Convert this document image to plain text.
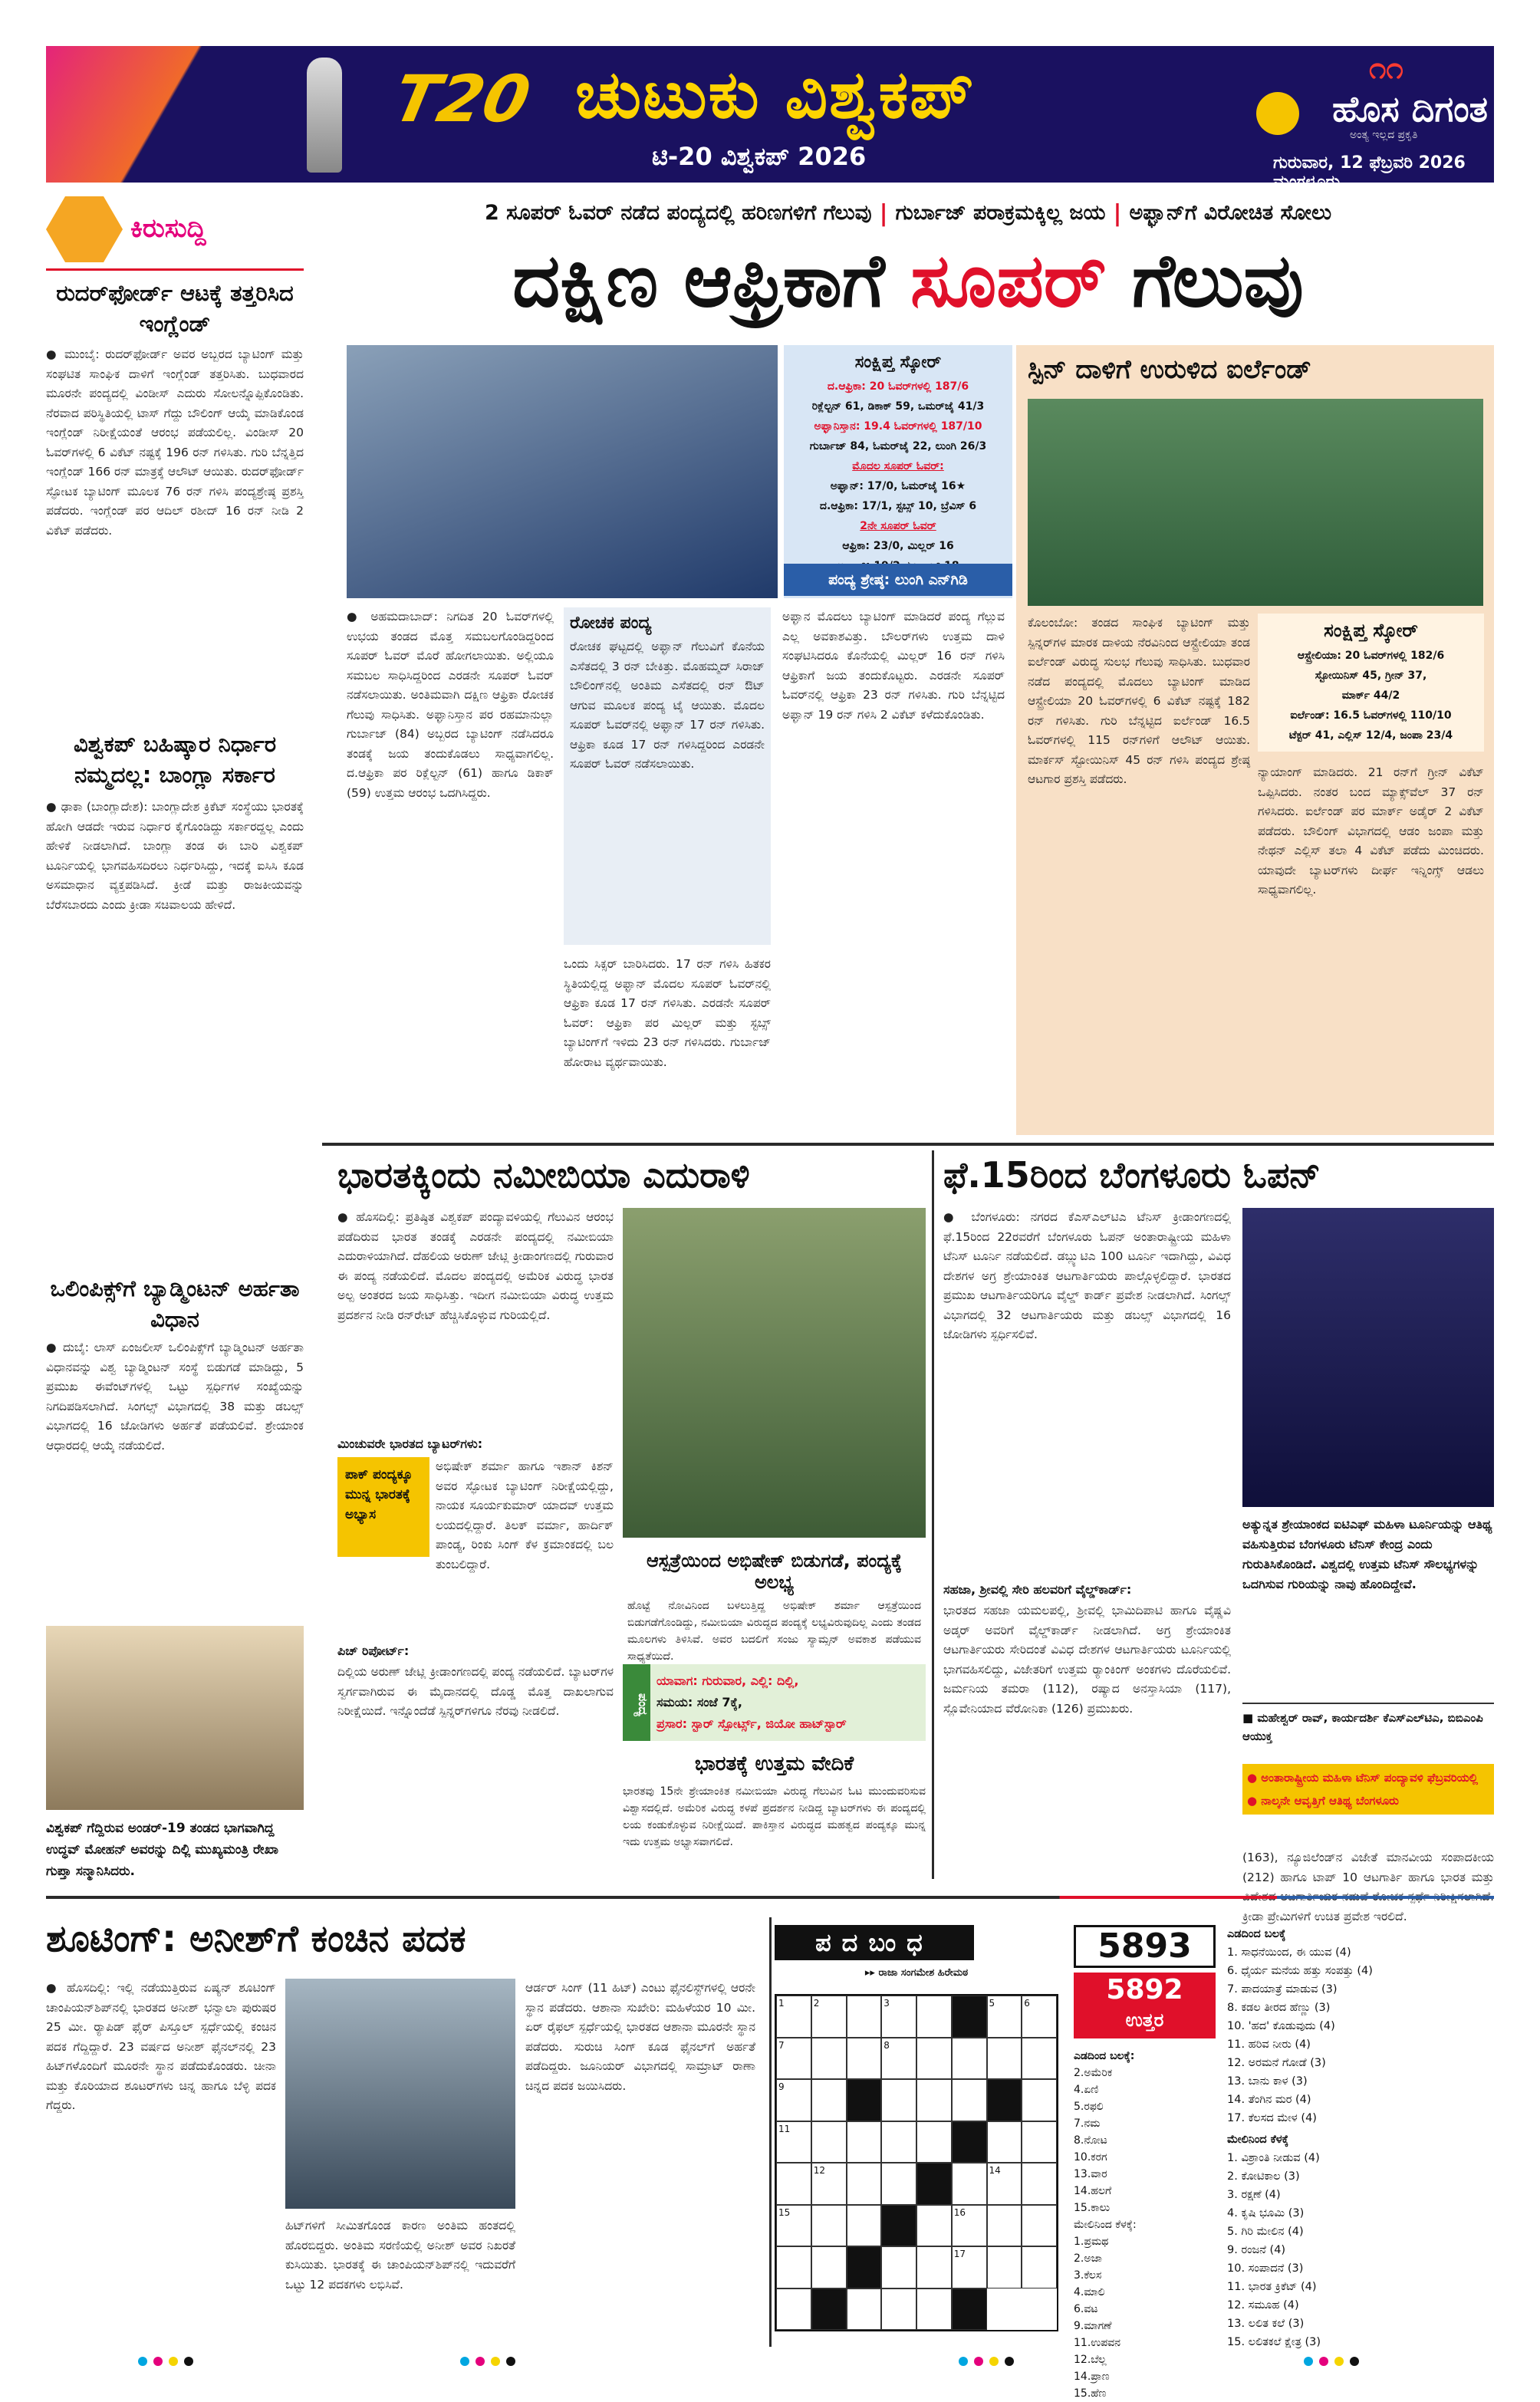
T20 ಚುಟುಕು ವಿಶ್ವಕಪ್
ಟಿ-20 ವಿಶ್ವಕಪ್ 2026
೧೧
ಹೊಸ ದಿಗಂತ
ಅಂತ್ಯ ಇಲ್ಲದ ಪ್ರಕೃತಿ
ಗುರುವಾರ, 12 ಫೆಬ್ರವರಿ 2026 ಮಂಗಳೂರು
ಕಿರುಸುದ್ದಿ
ರುದರ್‌ಫೋರ್ಡ್ ಆಟಕ್ಕೆ ತತ್ತರಿಸಿದ ಇಂಗ್ಲೆಂಡ್
● ಮುಂಬೈ: ರುದರ್‌ಫೋರ್ಡ್ ಅವರ ಅಬ್ಬರದ ಬ್ಯಾಟಿಂಗ್ ಮತ್ತು ಸಂಘಟಿತ ಸಾಂಘಿಕ ದಾಳಿಗೆ ಇಂಗ್ಲೆಂಡ್ ತತ್ತರಿಸಿತು. ಬುಧವಾರದ ಮೂರನೇ ಪಂದ್ಯದಲ್ಲಿ ವಿಂಡೀಸ್ ಎದುರು ಸೋಲನ್ನೊಪ್ಪಿಕೊಂಡಿತು. ನೆರವಾದ ಪರಿಸ್ಥಿತಿಯಲ್ಲಿ ಟಾಸ್ ಗೆದ್ದು ಬೌಲಿಂಗ್ ಆಯ್ಕೆ ಮಾಡಿಕೊಂಡ ಇಂಗ್ಲೆಂಡ್ ನಿರೀಕ್ಷೆಯಂತೆ ಆರಂಭ ಪಡೆಯಲಿಲ್ಲ. ವಿಂಡೀಸ್ 20 ಓವರ್‌ಗಳಲ್ಲಿ 6 ವಿಕೆಟ್ ನಷ್ಟಕ್ಕೆ 196 ರನ್ ಗಳಿಸಿತು. ಗುರಿ ಬೆನ್ನತ್ತಿದ ಇಂಗ್ಲೆಂಡ್ 166 ರನ್ ಮಾತ್ರಕ್ಕೆ ಆಲೌಟ್ ಆಯಿತು. ರುದರ್‌ಫೋರ್ಡ್ ಸ್ಫೋಟಕ ಬ್ಯಾಟಿಂಗ್ ಮೂಲಕ 76 ರನ್ ಗಳಿಸಿ ಪಂದ್ಯಶ್ರೇಷ್ಠ ಪ್ರಶಸ್ತಿ ಪಡೆದರು. ಇಂಗ್ಲೆಂಡ್ ಪರ ಆದಿಲ್ ರಶೀದ್ 16 ರನ್ ನೀಡಿ 2 ವಿಕೆಟ್ ಪಡೆದರು.
ವಿಶ್ವಕಪ್ ಬಹಿಷ್ಕಾರ ನಿರ್ಧಾರ ನಮ್ಮದಲ್ಲ: ಬಾಂಗ್ಲಾ ಸರ್ಕಾರ
● ಢಾಕಾ (ಬಾಂಗ್ಲಾದೇಶ): ಬಾಂಗ್ಲಾದೇಶ ಕ್ರಿಕೆಟ್ ಸಂಸ್ಥೆಯು ಭಾರತಕ್ಕೆ ಹೋಗಿ ಆಡದೇ ಇರುವ ನಿರ್ಧಾರ ಕೈಗೊಂಡಿದ್ದು ಸರ್ಕಾರದ್ದಲ್ಲ ಎಂದು ಹೇಳಿಕೆ ನೀಡಲಾಗಿದೆ. ಬಾಂಗ್ಲಾ ತಂಡ ಈ ಬಾರಿ ವಿಶ್ವಕಪ್ ಟೂರ್ನಿಯಲ್ಲಿ ಭಾಗವಹಿಸದಿರಲು ನಿರ್ಧರಿಸಿದ್ದು, ಇದಕ್ಕೆ ಐಸಿಸಿ ಕೂಡ ಅಸಮಾಧಾನ ವ್ಯಕ್ತಪಡಿಸಿದೆ. ಕ್ರೀಡೆ ಮತ್ತು ರಾಜಕೀಯವನ್ನು ಬೆರೆಸಬಾರದು ಎಂದು ಕ್ರೀಡಾ ಸಚಿವಾಲಯ ಹೇಳಿದೆ.
ಒಲಿಂಪಿಕ್ಸ್‌ಗೆ ಬ್ಯಾಡ್ಮಿಂಟನ್ ಅರ್ಹತಾ ವಿಧಾನ
● ದುಬೈ: ಲಾಸ್ ಏಂಜಲೀಸ್ ಒಲಿಂಪಿಕ್ಸ್‌ಗೆ ಬ್ಯಾಡ್ಮಿಂಟನ್ ಅರ್ಹತಾ ವಿಧಾನವನ್ನು ವಿಶ್ವ ಬ್ಯಾಡ್ಮಿಂಟನ್ ಸಂಸ್ಥೆ ಬಿಡುಗಡೆ ಮಾಡಿದ್ದು, 5 ಪ್ರಮುಖ ಈವೆಂಟ್‌ಗಳಲ್ಲಿ ಒಟ್ಟು ಸ್ಪರ್ಧಿಗಳ ಸಂಖ್ಯೆಯನ್ನು ನಿಗದಿಪಡಿಸಲಾಗಿದೆ. ಸಿಂಗಲ್ಸ್ ವಿಭಾಗದಲ್ಲಿ 38 ಮತ್ತು ಡಬಲ್ಸ್ ವಿಭಾಗದಲ್ಲಿ 16 ಜೋಡಿಗಳು ಅರ್ಹತೆ ಪಡೆಯಲಿವೆ. ಶ್ರೇಯಾಂಕ ಆಧಾರದಲ್ಲಿ ಆಯ್ಕೆ ನಡೆಯಲಿದೆ.
ವಿಶ್ವಕಪ್ ಗೆದ್ದಿರುವ ಅಂಡರ್-19 ತಂಡದ ಭಾಗವಾಗಿದ್ದ ಉದ್ಧವ್ ಮೋಹನ್ ಅವರನ್ನು ದಿಲ್ಲಿ ಮುಖ್ಯಮಂತ್ರಿ ರೇಖಾ ಗುಪ್ತಾ ಸನ್ಮಾನಿಸಿದರು.
2 ಸೂಪರ್ ಓವರ್ ನಡೆದ ಪಂದ್ಯದಲ್ಲಿ ಹರಿಣಗಳಿಗೆ ಗೆಲುವು | ಗುರ್ಬಾಜ್ ಪರಾಕ್ರಮಕ್ಕಿಲ್ಲ ಜಯ | ಅಫ್ಘಾನ್‌ಗೆ ವಿರೋಚಿತ ಸೋಲು
ದಕ್ಷಿಣ ಆಫ್ರಿಕಾಗೆ ಸೂಪರ್ ಗೆಲುವು
ಸಂಕ್ಷಿಪ್ತ ಸ್ಕೋರ್
ದ.ಆಫ್ರಿಕಾ: 20 ಓವರ್‌ಗಳಲ್ಲಿ 187/6
ರಿಕ್ಲೆಲ್ಟನ್ 61, ಡಿಕಾಕ್ 59, ಒಮರ್‌ಜೈ 41/3
ಅಫ್ಘಾನಿಸ್ತಾನ: 19.4 ಓವರ್‌ಗಳಲ್ಲಿ 187/10
ಗುರ್ಬಾಜ್ 84, ಓಮರ್‌ಜೈ 22, ಲುಂಗಿ 26/3
ಮೊದಲ ಸೂಪರ್ ಓವರ್:
ಅಫ್ಘಾನ್: 17/0, ಓಮರ್‌ಜೈ 16★
ದ.ಆಫ್ರಿಕಾ: 17/1, ಸ್ಟಬ್ಸ್ 10, ಬ್ರೆವಿಸ್ 6
2ನೇ ಸೂಪರ್ ಓವರ್
ಆಫ್ರಿಕಾ: 23/0, ಮಿಲ್ಲರ್ 16
ಪಂದ್ಯ ಶ್ರೇಷ್ಠ: ಲುಂಗಿ ಎನ್‌ಗಿಡಿ
● ಅಹಮದಾಬಾದ್: ನಿಗದಿತ 20 ಓವರ್‌ಗಳಲ್ಲಿ ಉಭಯ ತಂಡದ ಮೊತ್ತ ಸಮಬಲಗೊಂಡಿದ್ದರಿಂದ ಸೂಪರ್ ಓವರ್ ಮೊರೆ ಹೋಗಲಾಯಿತು. ಅಲ್ಲಿಯೂ ಸಮಬಲ ಸಾಧಿಸಿದ್ದರಿಂದ ಎರಡನೇ ಸೂಪರ್ ಓವರ್ ನಡೆಸಲಾಯಿತು. ಅಂತಿಮವಾಗಿ ದಕ್ಷಿಣ ಆಫ್ರಿಕಾ ರೋಚಕ ಗೆಲುವು ಸಾಧಿಸಿತು. ಅಫ್ಘಾನಿಸ್ತಾನ ಪರ ರಹಮಾನುಲ್ಲಾ ಗುರ್ಬಾಜ್ (84) ಅಬ್ಬರದ ಬ್ಯಾಟಿಂಗ್ ನಡೆಸಿದರೂ ತಂಡಕ್ಕೆ ಜಯ ತಂದುಕೊಡಲು ಸಾಧ್ಯವಾಗಲಿಲ್ಲ. ದ.ಆಫ್ರಿಕಾ ಪರ ರಿಕ್ಲೆಲ್ಟನ್ (61) ಹಾಗೂ ಡಿಕಾಕ್ (59) ಉತ್ತಮ ಆರಂಭ ಒದಗಿಸಿದ್ದರು.
ರೋಚಕ ಪಂದ್ಯ
ರೋಚಕ ಘಟ್ಟದಲ್ಲಿ ಅಫ್ಘಾನ್ ಗೆಲುವಿಗೆ ಕೊನೆಯ ಎಸೆತದಲ್ಲಿ 3 ರನ್ ಬೇಕಿತ್ತು. ಮೊಹಮ್ಮದ್ ಸಿರಾಜ್ ಬೌಲಿಂಗ್‌ನಲ್ಲಿ ಅಂತಿಮ ಎಸೆತದಲ್ಲಿ ರನ್ ಔಟ್ ಆಗುವ ಮೂಲಕ ಪಂದ್ಯ ಟೈ ಆಯಿತು. ಮೊದಲ ಸೂಪರ್ ಓವರ್‌ನಲ್ಲಿ ಅಫ್ಘಾನ್ 17 ರನ್ ಗಳಿಸಿತು. ಆಫ್ರಿಕಾ ಕೂಡ 17 ರನ್ ಗಳಿಸಿದ್ದರಿಂದ ಎರಡನೇ ಸೂಪರ್ ಓವರ್ ನಡೆಸಲಾಯಿತು.
ಒಂದು ಸಿಕ್ಸರ್ ಬಾರಿಸಿದರು. 17 ರನ್ ಗಳಿಸಿ ಹಿತಕರ ಸ್ಥಿತಿಯಲ್ಲಿದ್ದ ಅಫ್ಘಾನ್ ಮೊದಲ ಸೂಪರ್ ಓವರ್‌ನಲ್ಲಿ ಆಫ್ರಿಕಾ ಕೂಡ 17 ರನ್ ಗಳಿಸಿತು. ಎರಡನೇ ಸೂಪರ್ ಓವರ್: ಆಫ್ರಿಕಾ ಪರ ಮಿಲ್ಲರ್ ಮತ್ತು ಸ್ಟಬ್ಸ್ ಬ್ಯಾಟಿಂಗ್‌ಗೆ ಇಳಿದು 23 ರನ್ ಗಳಿಸಿದರು. ಗುರ್ಬಾಜ್ ಹೋರಾಟ ವ್ಯರ್ಥವಾಯಿತು.
ಅಫ್ಘಾನ ಮೊದಲು ಬ್ಯಾಟಿಂಗ್ ಮಾಡಿದರೆ ಪಂದ್ಯ ಗೆಲ್ಲುವ ಎಲ್ಲ ಅವಕಾಶವಿತ್ತು. ಬೌಲರ್‌ಗಳು ಉತ್ತಮ ದಾಳಿ ಸಂಘಟಿಸಿದರೂ ಕೊನೆಯಲ್ಲಿ ಮಿಲ್ಲರ್ 16 ರನ್ ಗಳಿಸಿ ಆಫ್ರಿಕಾಗೆ ಜಯ ತಂದುಕೊಟ್ಟರು. ಎರಡನೇ ಸೂಪರ್ ಓವರ್‌ನಲ್ಲಿ ಆಫ್ರಿಕಾ 23 ರನ್ ಗಳಿಸಿತು. ಗುರಿ ಬೆನ್ನಟ್ಟಿದ ಅಫ್ಘಾನ್ 19 ರನ್ ಗಳಿಸಿ 2 ವಿಕೆಟ್ ಕಳೆದುಕೊಂಡಿತು.
ಸ್ಪಿನ್ ದಾಳಿಗೆ ಉರುಳಿದ ಐರ್ಲೆಂಡ್
ಕೊಲಂಬೋ: ತಂಡದ ಸಾಂಘಿಕ ಬ್ಯಾಟಿಂಗ್ ಮತ್ತು ಸ್ಪಿನ್ನರ್‌ಗಳ ಮಾರಕ ದಾಳಿಯ ನೆರವಿನಿಂದ ಆಸ್ಟ್ರೇಲಿಯಾ ತಂಡ ಐರ್ಲೆಂಡ್ ವಿರುದ್ಧ ಸುಲಭ ಗೆಲುವು ಸಾಧಿಸಿತು. ಬುಧವಾರ ನಡೆದ ಪಂದ್ಯದಲ್ಲಿ ಮೊದಲು ಬ್ಯಾಟಿಂಗ್ ಮಾಡಿದ ಆಸ್ಟ್ರೇಲಿಯಾ 20 ಓವರ್‌ಗಳಲ್ಲಿ 6 ವಿಕೆಟ್ ನಷ್ಟಕ್ಕೆ 182 ರನ್ ಗಳಿಸಿತು. ಗುರಿ ಬೆನ್ನಟ್ಟಿದ ಐರ್ಲೆಂಡ್ 16.5 ಓವರ್‌ಗಳಲ್ಲಿ 115 ರನ್‌ಗಳಿಗೆ ಆಲೌಟ್ ಆಯಿತು. ಮಾರ್ಕಸ್ ಸ್ಟೋಯಿನಿಸ್ 45 ರನ್ ಗಳಿಸಿ ಪಂದ್ಯದ ಶ್ರೇಷ್ಠ ಆಟಗಾರ ಪ್ರಶಸ್ತಿ ಪಡೆದರು.
ಸಂಕ್ಷಿಪ್ತ ಸ್ಕೋರ್
ಆಸ್ಟ್ರೇಲಿಯಾ: 20 ಓವರ್‌ಗಳಲ್ಲಿ 182/6
ಸ್ಟೋಯಿನಿಸ್ 45, ಗ್ರೀನ್ 37,
ಮಾರ್ಕ್ 44/2
ಐರ್ಲೆಂಡ್: 16.5 ಓವರ್‌ಗಳಲ್ಲಿ 110/10
ಟೆಕ್ಟರ್ 41, ಎಲ್ಲಿಸ್ 12/4, ಜಂಪಾ 23/4
ನ್ಯಾಯಾಂಗ್ ಮಾಡಿದರು. 21 ರನ್‌ಗೆ ಗ್ರೀನ್ ವಿಕೆಟ್ ಒಪ್ಪಿಸಿದರು. ನಂತರ ಬಂದ ಮ್ಯಾಕ್ಸ್‌ವೆಲ್ 37 ರನ್ ಗಳಿಸಿದರು. ಐರ್ಲೆಂಡ್ ಪರ ಮಾರ್ಕ್ ಅಡೈರ್ 2 ವಿಕೆಟ್ ಪಡೆದರು. ಬೌಲಿಂಗ್ ವಿಭಾಗದಲ್ಲಿ ಆಡಂ ಜಂಪಾ ಮತ್ತು ನೇಥನ್ ಎಲ್ಲಿಸ್ ತಲಾ 4 ವಿಕೆಟ್ ಪಡೆದು ಮಿಂಚಿದರು. ಯಾವುದೇ ಬ್ಯಾಟರ್‌ಗಳು ದೀರ್ಘ ಇನ್ನಿಂಗ್ಸ್ ಆಡಲು ಸಾಧ್ಯವಾಗಲಿಲ್ಲ.
ಭಾರತಕ್ಕಿಂದು ನಮೀಬಿಯಾ ಎದುರಾಳಿ
● ಹೊಸದಿಲ್ಲಿ: ಪ್ರತಿಷ್ಠಿತ ವಿಶ್ವಕಪ್ ಪಂದ್ಯಾವಳಿಯಲ್ಲಿ ಗೆಲುವಿನ ಆರಂಭ ಪಡೆದಿರುವ ಭಾರತ ತಂಡಕ್ಕೆ ಎರಡನೇ ಪಂದ್ಯದಲ್ಲಿ ನಮೀಬಿಯಾ ಎದುರಾಳಿಯಾಗಿದೆ. ದೆಹಲಿಯ ಅರುಣ್ ಜೇಟ್ಲಿ ಕ್ರೀಡಾಂಗಣದಲ್ಲಿ ಗುರುವಾರ ಈ ಪಂದ್ಯ ನಡೆಯಲಿದೆ. ಮೊದಲ ಪಂದ್ಯದಲ್ಲಿ ಅಮೆರಿಕ ವಿರುದ್ಧ ಭಾರತ ಅಲ್ಪ ಅಂತರದ ಜಯ ಸಾಧಿಸಿತ್ತು. ಇದೀಗ ನಮೀಬಿಯಾ ವಿರುದ್ಧ ಉತ್ತಮ ಪ್ರದರ್ಶನ ನೀಡಿ ರನ್‌ರೇಟ್ ಹೆಚ್ಚಿಸಿಕೊಳ್ಳುವ ಗುರಿಯಲ್ಲಿದೆ.
ಮಿಂಚುವರೇ ಭಾರತದ ಬ್ಯಾಟರ್‌ಗಳು:
ಪಾಕ್ ಪಂದ್ಯಕ್ಕೂ ಮುನ್ನ ಭಾರತಕ್ಕೆ ಅಭ್ಯಾಸ
ಅಭಿಷೇಕ್ ಶರ್ಮಾ ಹಾಗೂ ಇಶಾನ್ ಕಿಶನ್ ಅವರ ಸ್ಫೋಟಕ ಬ್ಯಾಟಿಂಗ್ ನಿರೀಕ್ಷೆಯಲ್ಲಿದ್ದು, ನಾಯಕ ಸೂರ್ಯಕುಮಾರ್ ಯಾದವ್ ಉತ್ತಮ ಲಯದಲ್ಲಿದ್ದಾರೆ. ತಿಲಕ್ ವರ್ಮಾ, ಹಾರ್ದಿಕ್ ಪಾಂಡ್ಯ, ರಿಂಕು ಸಿಂಗ್ ಕೆಳ ಕ್ರಮಾಂಕದಲ್ಲಿ ಬಲ ತುಂಬಲಿದ್ದಾರೆ.
ಪಿಚ್ ರಿಪೋರ್ಟ್:
ದಿಲ್ಲಿಯ ಅರುಣ್ ಜೇಟ್ಲಿ ಕ್ರೀಡಾಂಗಣದಲ್ಲಿ ಪಂದ್ಯ ನಡೆಯಲಿದೆ. ಬ್ಯಾಟರ್‌ಗಳ ಸ್ವರ್ಗವಾಗಿರುವ ಈ ಮೈದಾನದಲ್ಲಿ ದೊಡ್ಡ ಮೊತ್ತ ದಾಖಲಾಗುವ ನಿರೀಕ್ಷೆಯಿದೆ. ಇನ್ನೊಂದೆಡೆ ಸ್ಪಿನ್ನರ್‌ಗಳಿಗೂ ನೆರವು ನೀಡಲಿದೆ.
ಆಸ್ಪತ್ರೆಯಿಂದ ಅಭಿಷೇಕ್ ಬಿಡುಗಡೆ, ಪಂದ್ಯಕ್ಕೆ ಅಲಭ್ಯ
ಹೊಟ್ಟೆ ನೋವಿನಿಂದ ಬಳಲುತ್ತಿದ್ದ ಅಭಿಷೇಕ್ ಶರ್ಮಾ ಆಸ್ಪತ್ರೆಯಿಂದ ಬಿಡುಗಡೆಗೊಂಡಿದ್ದು, ನಮೀಬಿಯಾ ವಿರುದ್ಧದ ಪಂದ್ಯಕ್ಕೆ ಲಭ್ಯವಿರುವುದಿಲ್ಲ ಎಂದು ತಂಡದ ಮೂಲಗಳು ತಿಳಿಸಿವೆ. ಅವರ ಬದಲಿಗೆ ಸಂಜು ಸ್ಯಾಮ್ಸನ್ ಅವಕಾಶ ಪಡೆಯುವ ಸಾಧ್ಯತೆಯಿದೆ.
ಪಂದ್ಯ
ಯಾವಾಗ: ಗುರುವಾರ, ಎಲ್ಲಿ: ದಿಲ್ಲಿ,
ಸಮಯ: ಸಂಜೆ 7ಕ್ಕೆ,
ಪ್ರಸಾರ: ಸ್ಟಾರ್ ಸ್ಪೋರ್ಟ್ಸ್, ಜಿಯೋ ಹಾಟ್‌ಸ್ಟಾರ್
ಭಾರತಕ್ಕೆ ಉತ್ತಮ ವೇದಿಕೆ
ಭಾರತವು 15ನೇ ಶ್ರೇಯಾಂಕಿತ ನಮೀಬಿಯಾ ವಿರುದ್ಧ ಗೆಲುವಿನ ಓಟ ಮುಂದುವರಿಸುವ ವಿಶ್ವಾಸದಲ್ಲಿದೆ. ಅಮೆರಿಕ ವಿರುದ್ಧ ಕಳಪೆ ಪ್ರದರ್ಶನ ನೀಡಿದ್ದ ಬ್ಯಾಟರ್‌ಗಳು ಈ ಪಂದ್ಯದಲ್ಲಿ ಲಯ ಕಂಡುಕೊಳ್ಳುವ ನಿರೀಕ್ಷೆಯಿದೆ. ಪಾಕಿಸ್ತಾನ ವಿರುದ್ಧದ ಮಹತ್ವದ ಪಂದ್ಯಕ್ಕೂ ಮುನ್ನ ಇದು ಉತ್ತಮ ಅಭ್ಯಾಸವಾಗಲಿದೆ.
ಫೆ.15ರಿಂದ ಬೆಂಗಳೂರು ಓಪನ್
● ಬೆಂಗಳೂರು: ನಗರದ ಕೆಎಸ್‌ಎಲ್‌ಟಿಎ ಟೆನಿಸ್ ಕ್ರೀಡಾಂಗಣದಲ್ಲಿ ಫೆ.15ರಿಂದ 22ರವರೆಗೆ ಬೆಂಗಳೂರು ಓಪನ್ ಅಂತಾರಾಷ್ಟ್ರೀಯ ಮಹಿಳಾ ಟೆನಿಸ್ ಟೂರ್ನಿ ನಡೆಯಲಿದೆ. ಡಬ್ಲ್ಯುಟಿಎ 100 ಟೂರ್ನಿ ಇದಾಗಿದ್ದು, ವಿವಿಧ ದೇಶಗಳ ಅಗ್ರ ಶ್ರೇಯಾಂಕಿತ ಆಟಗಾರ್ತಿಯರು ಪಾಲ್ಗೊಳ್ಳಲಿದ್ದಾರೆ. ಭಾರತದ ಪ್ರಮುಖ ಆಟಗಾರ್ತಿಯರಿಗೂ ವೈಲ್ಡ್ ಕಾರ್ಡ್ ಪ್ರವೇಶ ನೀಡಲಾಗಿದೆ. ಸಿಂಗಲ್ಸ್ ವಿಭಾಗದಲ್ಲಿ 32 ಆಟಗಾರ್ತಿಯರು ಮತ್ತು ಡಬಲ್ಸ್ ವಿಭಾಗದಲ್ಲಿ 16 ಜೋಡಿಗಳು ಸ್ಪರ್ಧಿಸಲಿವೆ.
ಸಹಜಾ, ಶ್ರೀವಲ್ಲಿ ಸೇರಿ ಹಲವರಿಗೆ ವೈಲ್ಡ್‌ಕಾರ್ಡ್:
ಭಾರತದ ಸಹಜಾ ಯಮಲಪಲ್ಲಿ, ಶ್ರೀವಲ್ಲಿ ಭಾಮಿದಿಪಾಟಿ ಹಾಗೂ ವೈಷ್ಣವಿ ಅಡ್ಕರ್ ಅವರಿಗೆ ವೈಲ್ಡ್‌ಕಾರ್ಡ್ ನೀಡಲಾಗಿದೆ. ಅಗ್ರ ಶ್ರೇಯಾಂಕಿತ ಆಟಗಾರ್ತಿಯರು ಸೇರಿದಂತೆ ವಿವಿಧ ದೇಶಗಳ ಆಟಗಾರ್ತಿಯರು ಟೂರ್ನಿಯಲ್ಲಿ ಭಾಗವಹಿಸಲಿದ್ದು, ವಿಜೇತರಿಗೆ ಉತ್ತಮ ರ‍್ಯಾಂಕಿಂಗ್ ಅಂಕಗಳು ದೊರೆಯಲಿವೆ. ಜರ್ಮನಿಯ ತಮರಾ (112), ರಷ್ಯಾದ ಅನಸ್ತಾಸಿಯಾ (117), ಸ್ಲೊವೇನಿಯಾದ ವೆರೋನಿಕಾ (126) ಪ್ರಮುಖರು.
ಅತ್ಯುನ್ನತ ಶ್ರೇಯಾಂಕದ ಐಟಿಎಫ್ ಮಹಿಳಾ ಟೂರ್ನಿಯನ್ನು ಆತಿಥ್ಯ ವಹಿಸುತ್ತಿರುವ ಬೆಂಗಳೂರು ಟೆನಿಸ್ ಕೇಂದ್ರ ಎಂದು ಗುರುತಿಸಿಕೊಂಡಿದೆ. ವಿಶ್ವದಲ್ಲಿ ಉತ್ತಮ ಟೆನಿಸ್ ಸೌಲಭ್ಯಗಳನ್ನು ಒದಗಿಸುವ ಗುರಿಯನ್ನು ನಾವು ಹೊಂದಿದ್ದೇವೆ.
■ ಮಹೇಶ್ವರ್ ರಾವ್, ಕಾರ್ಯದರ್ಶಿ ಕೆಎಸ್‌ಎಲ್‌ಟಿಎ, ಬಿಬಿಎಂಪಿ ಆಯುಕ್ತ
● ಅಂತಾರಾಷ್ಟ್ರೀಯ ಮಹಿಳಾ ಟೆನಿಸ್ ಪಂದ್ಯಾವಳಿ ಫೆಬ್ರವರಿಯಲ್ಲಿ
● ನಾಲ್ಕನೇ ಆವೃತ್ತಿಗೆ ಆತಿಥ್ಯ ಬೆಂಗಳೂರು
(163), ನ್ಯೂಜಿಲೆಂಡ್‌ನ ವಿಜೇತೆ ಮಾನವೀಯ ಸಂಪಾದಕೀಯ (212) ಹಾಗೂ ಟಾಪ್ 10 ಆಟಗಾರ್ತಿ ಹಾಗೂ ಭಾರತ ಮತ್ತು ಕ್ರೀಡಾ ಪ್ರೇಮಿಗಳಿಗೆ ಉಚಿತ ಪ್ರವೇಶ ಇರಲಿದೆ.
ಶೂಟಿಂಗ್: ಅನೀಶ್‌ಗೆ ಕಂಚಿನ ಪದಕ
● ಹೊಸದಿಲ್ಲಿ: ಇಲ್ಲಿ ನಡೆಯುತ್ತಿರುವ ಏಷ್ಯನ್ ಶೂಟಿಂಗ್ ಚಾಂಪಿಯನ್‌ಶಿಪ್‌ನಲ್ಲಿ ಭಾರತದ ಅನೀಶ್ ಭನ್ವಾಲಾ ಪುರುಷರ 25 ಮೀ. ರ‍್ಯಾಪಿಡ್ ಫೈರ್ ಪಿಸ್ತೂಲ್ ಸ್ಪರ್ಧೆಯಲ್ಲಿ ಕಂಚಿನ ಪದಕ ಗೆದ್ದಿದ್ದಾರೆ. 23 ವರ್ಷದ ಅನೀಶ್ ಫೈನಲ್‌ನಲ್ಲಿ 23 ಹಿಟ್‌ಗಳೊಂದಿಗೆ ಮೂರನೇ ಸ್ಥಾನ ಪಡೆದುಕೊಂಡರು. ಚೀನಾ ಮತ್ತು ಕೊರಿಯಾದ ಶೂಟರ್‌ಗಳು ಚಿನ್ನ ಹಾಗೂ ಬೆಳ್ಳಿ ಪದಕ ಗೆದ್ದರು.
ಹಿಟ್‌ಗಳಿಗೆ ಸೀಮಿತಗೊಂಡ ಕಾರಣ ಅಂತಿಮ ಹಂತದಲ್ಲಿ ಹೊರಬಿದ್ದರು. ಅಂತಿಮ ಸರಣಿಯಲ್ಲಿ ಅನೀಶ್ ಅವರ ನಿಖರತೆ ಕುಸಿಯಿತು. ಭಾರತಕ್ಕೆ ಈ ಚಾಂಪಿಯನ್‌ಶಿಪ್‌ನಲ್ಲಿ ಇದುವರೆಗೆ ಒಟ್ಟು 12 ಪದಕಗಳು ಲಭಿಸಿವೆ.
ಆರ್ಡರ್ ಸಿಂಗ್ (11 ಹಿಟ್) ಎಂಟು ಫೈನಲಿಸ್ಟ್‌ಗಳಲ್ಲಿ ಆರನೇ ಸ್ಥಾನ ಪಡೆದರು. ಆಶಾನಾ ಸುಖೇರಿ: ಮಹಿಳೆಯರ 10 ಮೀ. ಏರ್ ರೈಫಲ್ ಸ್ಪರ್ಧೆಯಲ್ಲಿ ಭಾರತದ ಆಶಾನಾ ಮೂರನೇ ಸ್ಥಾನ ಪಡೆದರು. ಸುರುಚಿ ಸಿಂಗ್ ಕೂಡ ಫೈನಲ್‌ಗೆ ಅರ್ಹತೆ ಪಡೆದಿದ್ದರು. ಜೂನಿಯರ್ ವಿಭಾಗದಲ್ಲಿ ಸಾಮ್ರಾಟ್ ರಾಣಾ ಚಿನ್ನದ ಪದಕ ಜಯಿಸಿದರು.
ಪದಬಂಧ
▸▸ ರಾಜಾ ಸಂಗಮೇಶ ಹಿರೇಮಠ
1	2	3	5	6
7	8
9
11
12	14
15	16
17
5893
5892
ಉತ್ತರ
ಎಡದಿಂದ ಬಲಕ್ಕೆ:
2.ಅಮೆರಿಕ
4.ಏಣಿ
5.ರಫಲಿ
7.ನಮ
8.ನೋಟ
10.ಕರಗ
13.ವಾರ
14.ಹಲಗೆ
15.ಕಾಲು
ಮೇಲಿನಿಂದ ಕೆಳಕ್ಕೆ:
1.ಪ್ರಮಥ
2.ಅಜಾ
3.ಕೆಲಸ
4.ಮಾಲಿ
6.ವಟ
9.ಮಾಗಣೆ
11.ಉಪವನ
12.ಬೆಲ್ಲ
14.ಪ್ರಾಣ
15.ಹೆಣ
ಎಡದಿಂದ ಬಲಕ್ಕೆ
1. ಸಾಧನೆಯಿಂದ, ಈ ಯುವ (4)
6. ಧೈರ್ಯ ಮನೆಯ ಹತ್ತು ಸಂಪತ್ತು (4)
7. ಪಾದಯಾತ್ರೆ ಮಾಡುವ (3)
8. ಕಡಲ ತೀರದ ಹೆಣ್ಣು (3)
10. 'ಹದ' ಕೊಡುವುದು (4)
11. ಹರಿವ ನೀರು (4)
12. ಅರಮನೆ ಗೋಡೆ (3)
13. ಬಾನು ಕಾಳ (3)
14. ತೆಂಗಿನ ಮರ (4)
17. ಕೆಲಸದ ಮೇಳ (4)
ಮೇಲಿನಿಂದ ಕೆಳಕ್ಕೆ
1. ವಿಶ್ರಾಂತಿ ನೀಡುವ (4)
2. ಕೋಟಿಕಾಲ (3)
3. ರಕ್ಷಣೆ (4)
4. ಕೃಷಿ ಭೂಮಿ (3)
5. ಗಿರಿ ಮೇಲಿನ (4)
9. ರಂಜನೆ (4)
10. ಸಂಪಾದನೆ (3)
11. ಭಾರತ ಕ್ರಿಕೆಟ್ (4)
12. ಸಮೂಹ (4)
13. ಲಲಿತ ಕಲೆ (3)
15. ಲಲಿತಕಲೆ ಕ್ಷೇತ್ರ (3)
